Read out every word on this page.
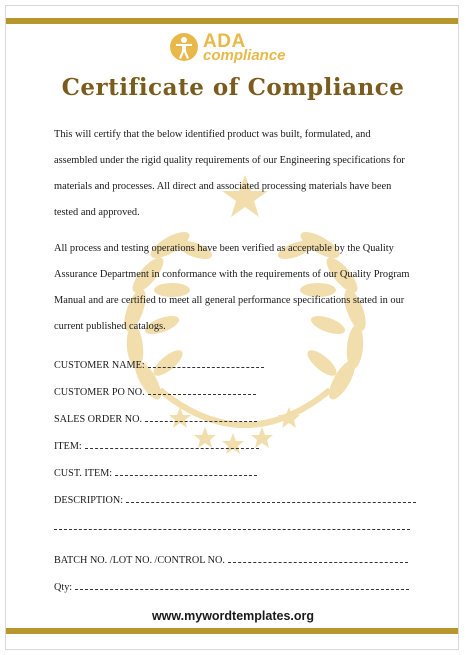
ADA
compliance
Certificate of Compliance

This will certify that the below identified product was built, formulated, and assembled under the rigid quality requirements of our Engineering specifications for materials and processes. All direct and associated processing materials have been tested and approved.

All process and testing operations have been verified as acceptable by the Quality Assurance Department in conformance with the requirements of our Quality Program Manual and are certified to meet all general performance specifications stated in our current published catalogs.

CUSTOMER NAME:
CUSTOMER PO NO.
SALES ORDER NO.
ITEM:
CUST. ITEM:
DESCRIPTION:
BATCH NO. /LOT NO. /CONTROL NO.
Qty:
www.mywordtemplates.org
